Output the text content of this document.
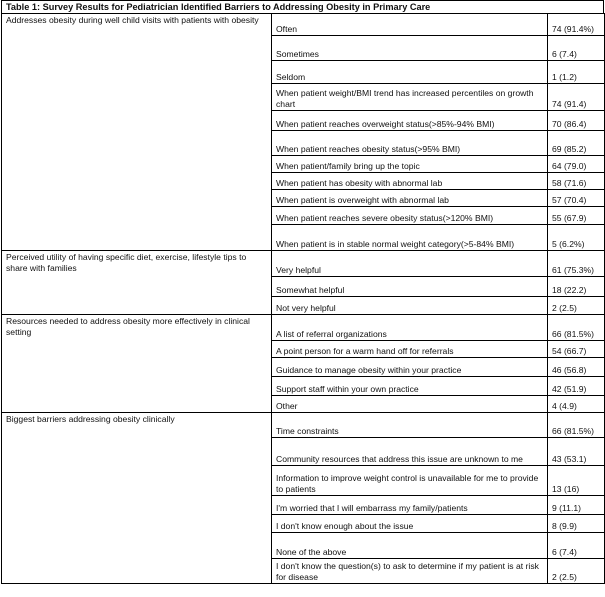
Table 1: Survey Results for Pediatrician Identified Barriers to Addressing Obesity in Primary Care
Addresses obesity during well child visits with patients with obesity	Often	74 (91.4%)
	Sometimes	6 (7.4)
	Seldom	1 (1.2)
	When patient weight/BMI trend has increased percentiles on growth chart	74 (91.4)
	When patient reaches overweight status(>85%-94% BMI)	70 (86.4)
	When patient reaches obesity status(>95% BMI)	69 (85.2)
	When patient/family bring up the topic	64 (79.0)
	When patient has obesity with abnormal lab	58 (71.6)
	When patient is overweight with abnormal lab	57 (70.4)
	When patient reaches severe obesity status(>120% BMI)	55 (67.9)
	When patient is in stable normal weight category(>5-84% BMI)	5 (6.2%)
Perceived utility of having specific diet, exercise, lifestyle tips to share with families	Very helpful	61 (75.3%)
	Somewhat helpful	18 (22.2)
	Not very helpful	2 (2.5)
Resources needed to address obesity more effectively in clinical setting	A list of referral organizations	66 (81.5%)
	A point person for a warm hand off for referrals	54 (66.7)
	Guidance to manage obesity within your practice	46 (56.8)
	Support staff within your own practice	42 (51.9)
	Other	4 (4.9)
Biggest barriers addressing obesity clinically	Time constraints	66 (81.5%)
	Community resources that address this issue are unknown to me	43 (53.1)
	Information to improve weight control is unavailable for me to provide to patients	13 (16)
	I'm worried that I will embarrass my family/patients	9 (11.1)
	I don't know enough about the issue	8 (9.9)
	None of the above	6 (7.4)
	I don't know the question(s) to ask to determine if my patient is at risk for disease	2 (2.5)
